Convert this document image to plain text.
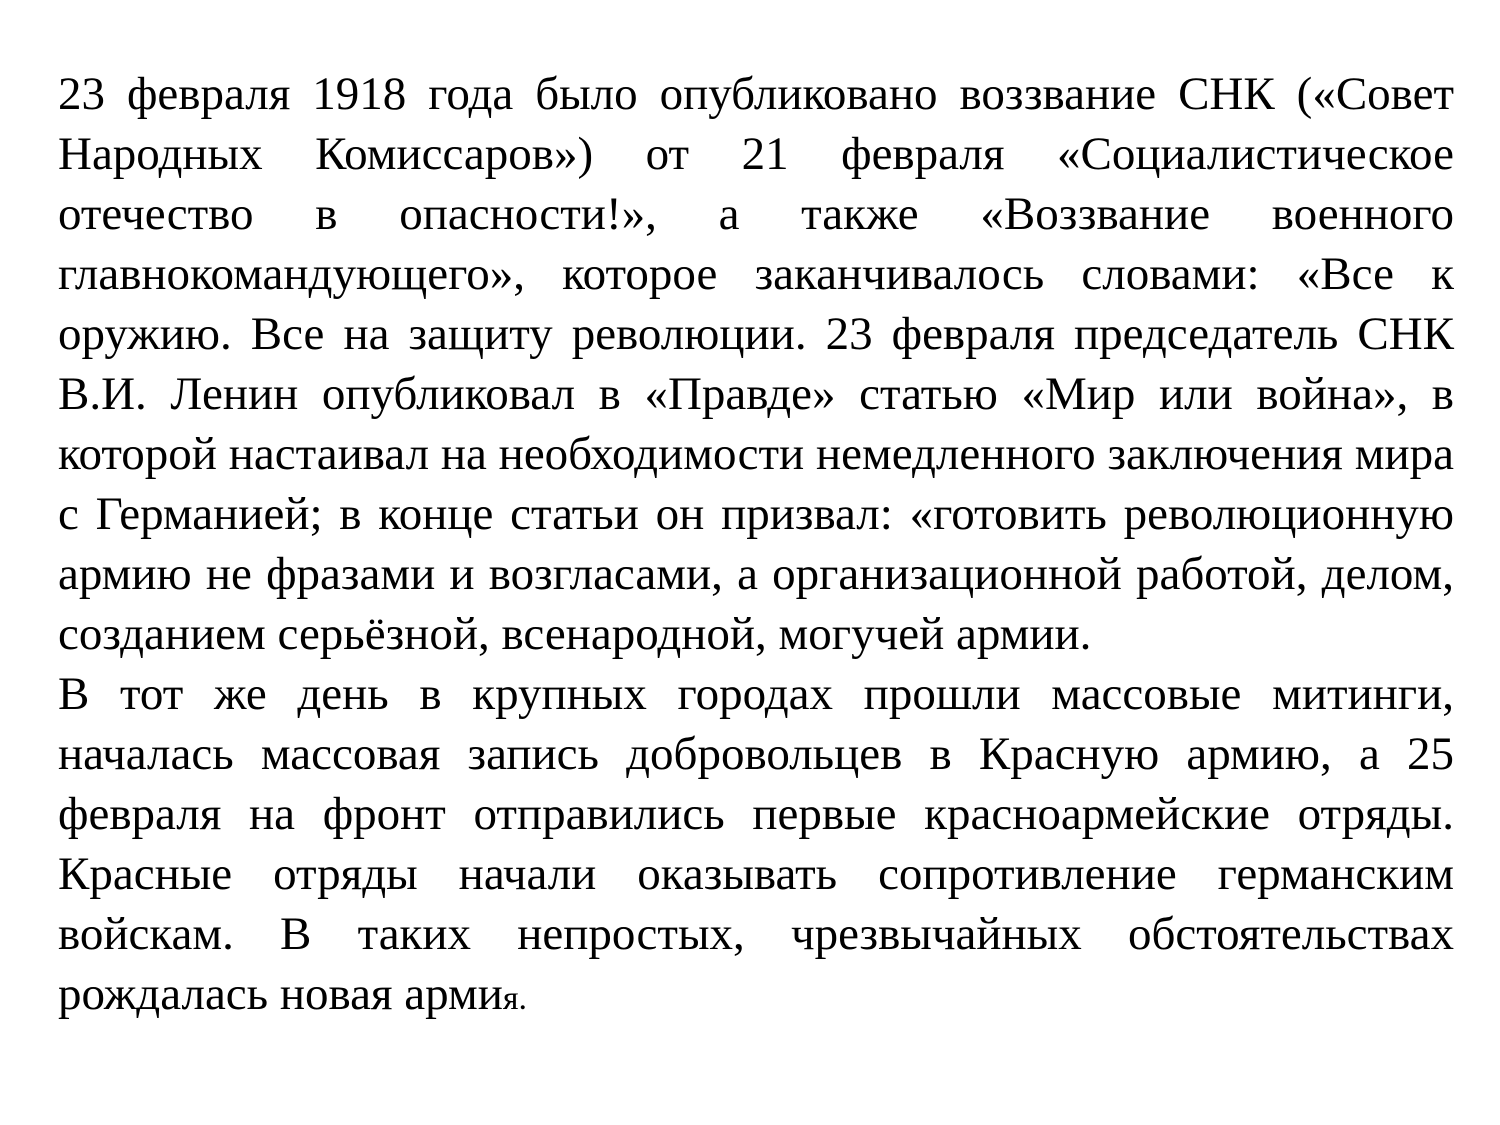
23 февраля 1918 года было опубликовано воззвание СНК («Совет Народных Комиссаров») от 21 февраля «Социалистическое отечество в опасности!», а также «Воззвание военного главнокомандующего», которое заканчивалось словами: «Все к оружию. Все на защиту революции. 23 февраля председатель СНК В.И. Ленин опубликовал в «Правде» статью «Мир или война», в которой настаивал на необходимости немедленного заключения мира с Германией; в конце статьи он призвал: «готовить революционную армию не фразами и возгласами, а организационной работой, делом, созданием серьёзной, всенародной, могучей армии.

В тот же день в крупных городах прошли массовые митинги, началась массовая запись добровольцев в Красную армию, а 25 февраля на фронт отправились первые красноармейские отряды. Красные отряды начали оказывать сопротивление германским войскам. В таких непростых, чрезвычайных обстоятельствах рождалась новая армия.
